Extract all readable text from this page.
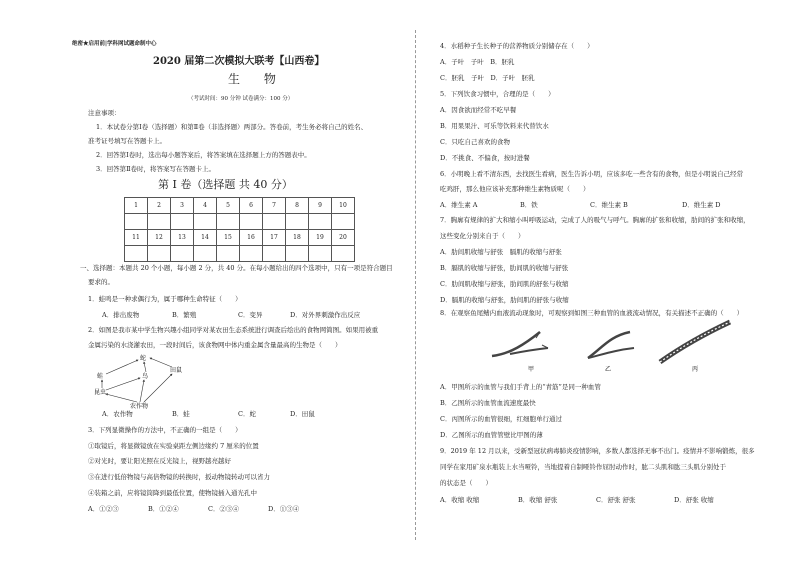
绝密★启用前|学科网试题命制中心
2020 届第二次模拟大联考【山西卷】
生 物
（考试时间：90 分钟 试卷满分：100 分）
注意事项：
1．本试卷分第Ⅰ卷（选择题）和第Ⅱ卷（非选择题）两部分。答卷前，考生务必将自己的姓名、
准考证号填写在答题卡上。
2．回答第Ⅰ卷时，选出每小题答案后，将答案填在选择题上方的答题表中。
3．回答第Ⅱ卷时，将答案写在答题卡上。
第 Ⅰ 卷（选择题 共 40 分）
1	2	3	4	5	6	7	8	9	10

11	12	13	14	15	16	17	18	19	20

一、选择题：本题共 20 个小题，每小题 2 分，共 40 分。在每小题给出的四个选项中，只有一项是符合题目
要求的。
1．蛙鸣是一种求偶行为，属于哪种生命特征（　　）
A．排出废物	B．繁殖	C．变异	D．对外界刺激作出反应
2．如图是我市某中学生物兴趣小组同学对某农田生态系统进行调查后绘出的食物网简图。如果用被重
金属污染的水浇灌农田，一段时间后，该食物网中体内重金属含量最高的生物是（　　）
蛇
蛙	鸟
田鼠
昆虫
农作物
A．农作物	B．蛙	C．蛇	D．田鼠
3．下列显微操作的方法中，不正确的一组是（　　）
①取镜后，将显微镜放在实验桌距左侧边缘约 7 厘米的位置
②对光时，要让阳光照在反光镜上，视野越亮越好
③在进行低倍物镜与高倍物镜的转换时，扳动物镜转动可以省力
④装箱之前，应将镜筒降到最低位置，使物镜插入通光孔中
A．①②③	B．①②④	C．②③④	D．①③④
4．水稻种子生长种子的营养物质分别储存在（　　）
A．子叶　子叶　B．胚乳
C．胚乳　子叶　D．子叶　胚乳
5．下列饮食习惯中，合理的是（　　）
A．因食欲而经常不吃早餐
B．用果果汁、可乐等饮料来代替饮水
C．只吃自己喜欢的食物
D．不挑食、不偏食，按时进餐
6．小明晚上看不清东西，去找医生看病，医生告诉小明，应该多吃一些含有的食物，但是小明说自己经常
吃鸡肝，那么他应该补充那种维生素物质呢（　　）
A．维生素 A	B．铁	C．维生素 B	D．维生素 D
7．胸廓有规律的扩大和缩小叫呼吸运动，完成了人的吸气与呼气。胸廓的扩张和收缩，肋间的扩张和收缩，
这些变化分别来自于（　　）
A．肋间肌收缩与舒张　膈肌的收缩与舒张
B．膈肌的收缩与舒张，肋间肌的收缩与舒张
C．肋间肌收缩与舒张，肋间肌的舒张与收缩
D．膈肌的收缩与舒张，肋间肌的舒张与收缩
8．在观察鱼尾鳍内血液流动现象时，可观察到如图三种血管的血液流动情况，有关描述不正确的（　　）
甲	乙	丙
A．甲图所示的血管与我们手背上的“青筋”是同一种血管
B．乙图所示的血管血流速度最快
C．丙图所示的血管很细，红细胞单行通过
D．乙图所示的血管管壁比甲图的薄
9．2019 年 12 月以来，受新型冠状病毒肺炎疫情影响，多数人都选择无事不出门。疫情并不影响锻炼，很多
同学在家用矿泉水瓶装上水当哑铃，当地提着自制哑铃作屈肘动作时，肱二头肌和肱三头肌分别处于
的状态是（　　）
A．收缩 收缩	B．收缩 舒张	C．舒张 舒张	D．舒张 收缩
